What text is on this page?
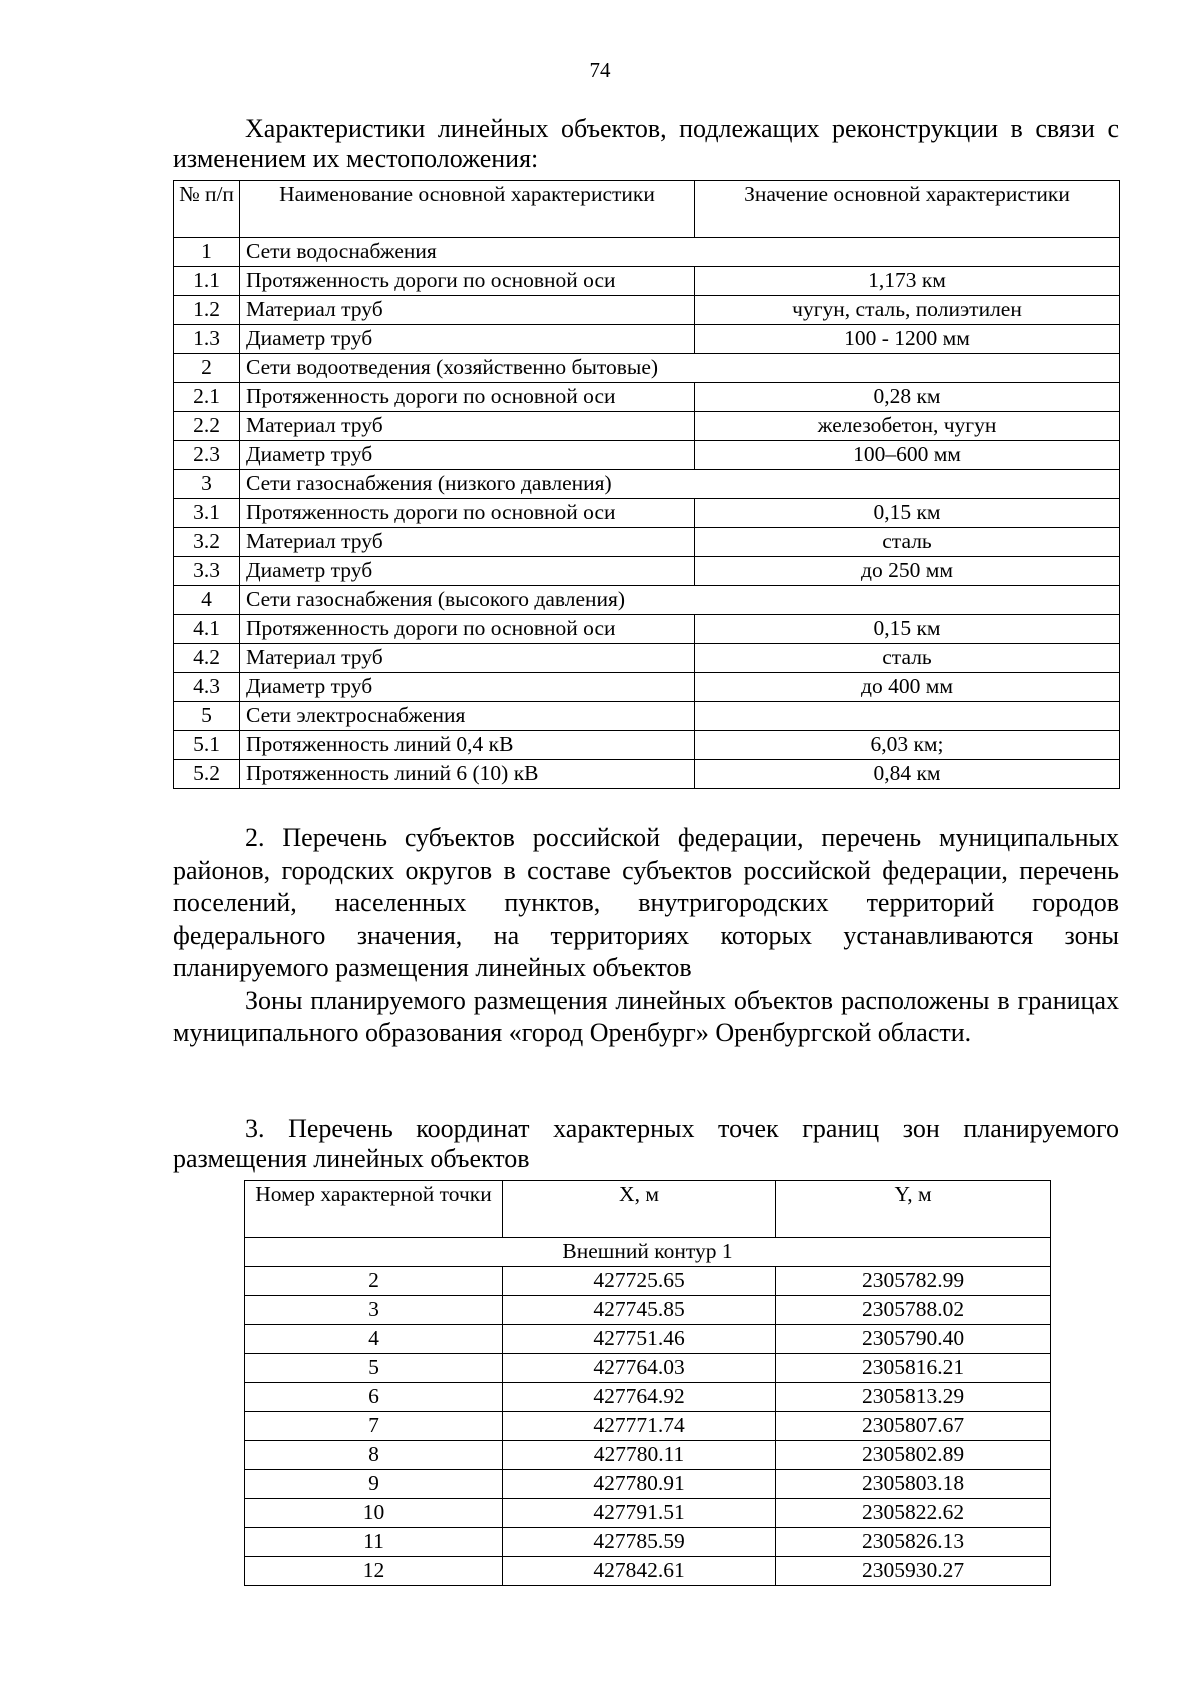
74
Характеристики линейных объектов, подлежащих реконструкции в связи с изменением их местоположения:
№ п/п	Наименование основной характеристики	Значение основной характеристики
1	Сети водоснабжения	
1.1	Протяженность дороги по основной оси	1,173 км
1.2	Материал труб	чугун, сталь, полиэтилен
1.3	Диаметр труб	100 - 1200 мм
2	Сети водоотведения (хозяйственно бытовые)	
2.1	Протяженность дороги по основной оси	0,28 км
2.2	Материал труб	железобетон, чугун
2.3	Диаметр труб	100–600 мм
3	Сети газоснабжения (низкого давления)	
3.1	Протяженность дороги по основной оси	0,15 км
3.2	Материал труб	сталь
3.3	Диаметр труб	до 250 мм
4	Сети газоснабжения (высокого давления)	
4.1	Протяженность дороги по основной оси	0,15 км
4.2	Материал труб	сталь
4.3	Диаметр труб	до 400 мм
5	Сети электроснабжения	
5.1	Протяженность линий 0,4 кВ	6,03 км;
5.2	Протяженность линий 6 (10) кВ	0,84 км

2. Перечень субъектов российской федерации, перечень муниципальных районов, городских округов в составе субъектов российской федерации, перечень поселений, населенных пунктов, внутригородских территорий городов федерального значения, на территориях которых устанавливаются зоны планируемого размещения линейных объектов

Зоны планируемого размещения линейных объектов расположены в границах муниципального образования «город Оренбург» Оренбургской области.

3. Перечень координат характерных точек границ зон планируемого размещения линейных объектов
Номер характерной точки	X, м	Y, м
Внешний контур 1		
2	427725.65	2305782.99
3	427745.85	2305788.02
4	427751.46	2305790.40
5	427764.03	2305816.21
6	427764.92	2305813.29
7	427771.74	2305807.67
8	427780.11	2305802.89
9	427780.91	2305803.18
10	427791.51	2305822.62
11	427785.59	2305826.13
12	427842.61	2305930.27
